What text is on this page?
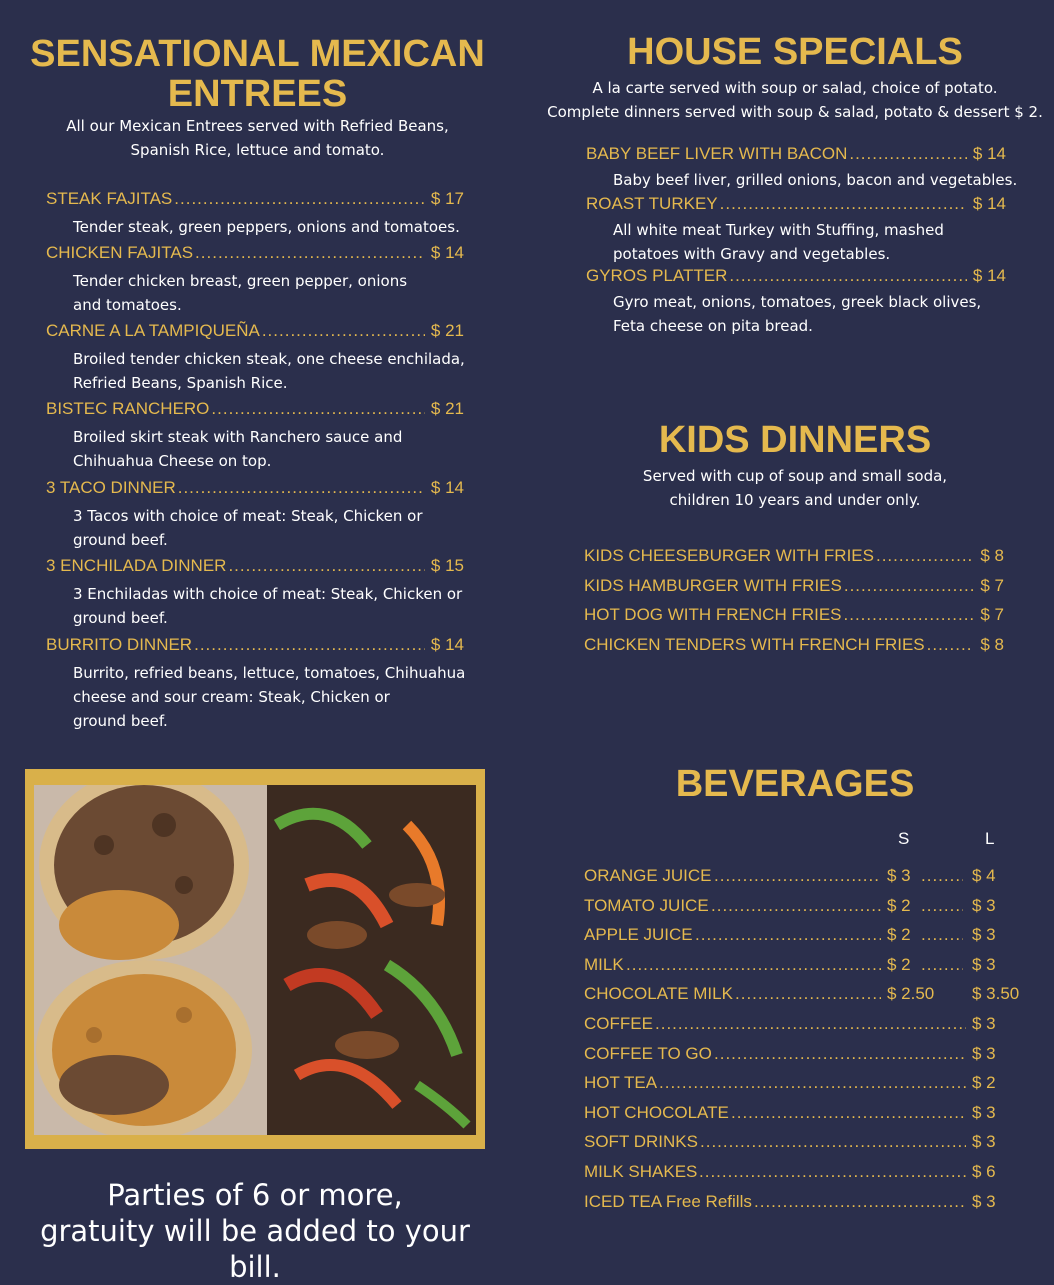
SENSATIONAL MEXICAN
ENTREES
All our Mexican Entrees served with Refried Beans,
Spanish Rice, lettuce and tomato.
STEAK FAJITAS .....	$ 17
Tender steak, green peppers, onions and tomatoes.
CHICKEN FAJITAS .....	$ 14
Tender chicken breast, green pepper, onions
and tomatoes.
CARNE A LA TAMPIQUEÑA .....	$ 21
Broiled tender chicken steak, one cheese enchilada,
Refried Beans, Spanish Rice.
BISTEC RANCHERO .....	$ 21
Broiled skirt steak with Ranchero sauce and
Chihuahua Cheese on top.
3 TACO DINNER .....	$ 14
3 Tacos with choice of meat: Steak, Chicken or
ground beef.
3 ENCHILADA DINNER .....	$ 15
3 Enchiladas with choice of meat: Steak, Chicken or
ground beef.
BURRITO DINNER .....	$ 14
Burrito, refried beans, lettuce, tomatoes, Chihuahua
cheese and sour cream: Steak, Chicken or
ground beef.
Parties of 6 or more,
gratuity will be added to your bill.
HOUSE SPECIALS
A la carte served with soup or salad, choice of potato.
Complete dinners served with soup & salad, potato & dessert $ 2.
BABY BEEF LIVER WITH BACON .....	$ 14
Baby beef liver, grilled onions, bacon and vegetables.
ROAST TURKEY .....	$ 14
All white meat Turkey with Stuffing, mashed
potatoes with Gravy and vegetables.
GYROS PLATTER .....	$ 14
Gyro meat, onions, tomatoes, greek black olives,
Feta cheese on pita bread.
KIDS DINNERS
Served with cup of soup and small soda,
children 10 years and under only.
KIDS CHEESEBURGER WITH FRIES .....	$ 8
KIDS HAMBURGER WITH FRIES .....	$ 7
HOT DOG WITH FRENCH FRIES .....	$ 7
CHICKEN TENDERS WITH FRENCH FRIES .....	$ 8
BEVERAGES
S	L
ORANGE JUICE .....	$ 3 .....	$ 4
TOMATO JUICE .....	$ 2 .....	$ 3
APPLE JUICE .....	$ 2 .....	$ 3
MILK .....	$ 2 .....	$ 3
CHOCOLATE MILK .....	$ 2.50 $ 3.50
COFFEE .....	$ 3
COFFEE TO GO .....	$ 3
HOT TEA .....	$ 2
HOT CHOCOLATE .....	$ 3
SOFT DRINKS .....	$ 3
MILK SHAKES .....	$ 6
ICED TEA Free Refills .....	$ 3
